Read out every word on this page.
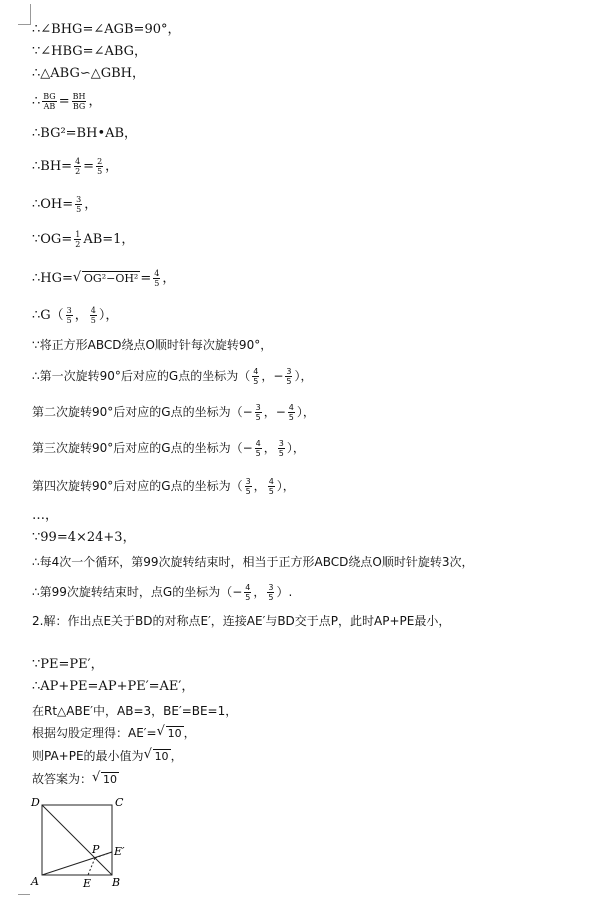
∴∠BHG=∠AGB=90°，
∵∠HBG=∠ABG，
∴△ABG∽△GBH，
∴ $\frac{BG}{AB} = \frac{BH}{BG}$ ，
∴BG²=BH•AB，
∴BH= $\frac{4}{2} = \frac{2}{5}$ ，
∴OH= $\frac{3}{5}$ ，
∵OG= $\frac{1}{2} AB=1$，
∴HG= √ $OG^2-OH^2 = \frac{4}{5}$ ，
∴G（ $\frac{3}{5}$ ， $\frac{4}{5}$ ），
∵将正方形ABCD绕点O顺时针每次旋转90°，
∴第一次旋转90°后对应的G点的坐标为（ $\frac{4}{5}$ ，− $\frac{3}{5}$ ），
第二次旋转90°后对应的G点的坐标为（− $\frac{3}{5}$ ，− $\frac{4}{5}$ ），
第三次旋转90°后对应的G点的坐标为（− $\frac{4}{5}$ ， $\frac{3}{5}$ ），
第四次旋转90°后对应的G点的坐标为（ $\frac{3}{5}$ ， $\frac{4}{5}$ ），
…，
∵99=4×24+3，
∴每4次一个循环，第99次旋转结束时，相当于正方形ABCD绕点O顺时针旋转3次，
∴第99次旋转结束时，点G的坐标为（− $\frac{4}{5}$ ， $\frac{3}{5}$ ）.
2.解：作出点E关于BD的对称点E′，连接AE′与BD交于点P，此时AP+PE最小，
∵PE=PE′，
∴AP+PE=AP+PE′=AE′，
在Rt△ABE′中，AB=3，BE′=BE=1，
根据勾股定理得：AE′= √ 10 ，
则PA+PE的最小值为 √ 10 ，
故答案为： √ 10
D	C
A	B
E
P E′
